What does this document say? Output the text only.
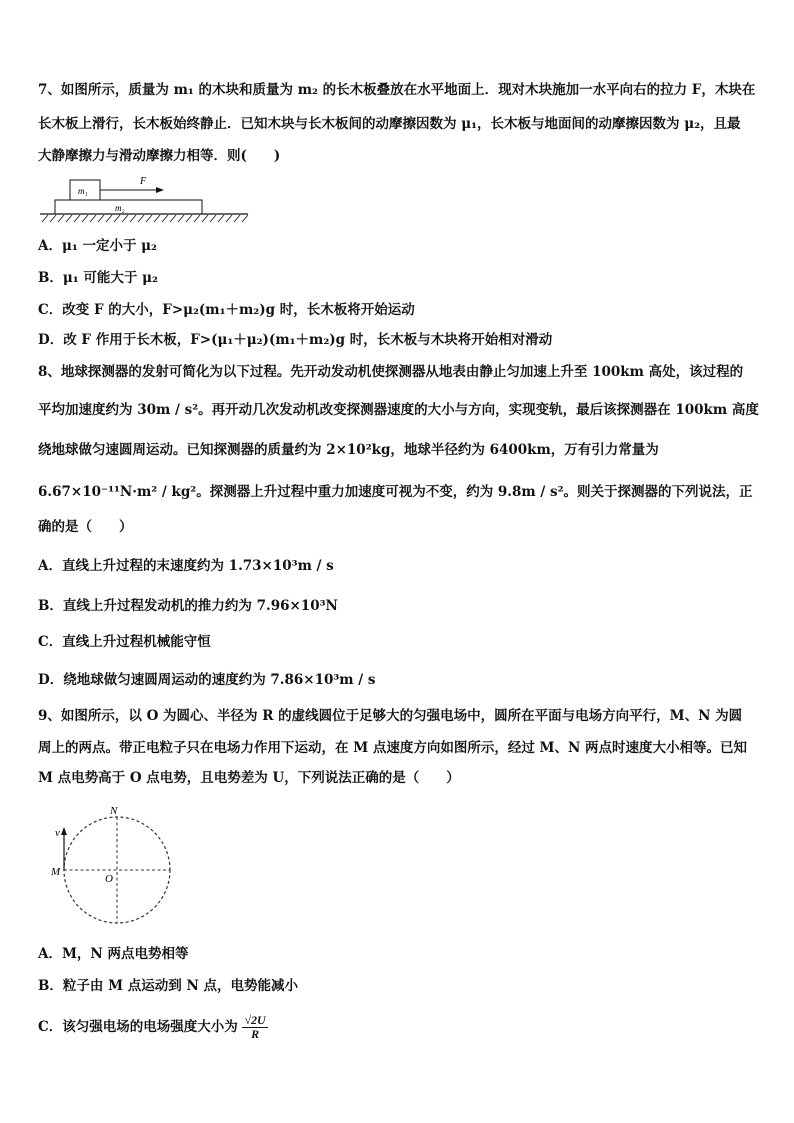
7、如图所示，质量为 m₁ 的木块和质量为 m₂ 的长木板叠放在水平地面上．现对木块施加一水平向右的拉力 F，木块在
长木板上滑行，长木板始终静止．已知木块与长木板间的动摩擦因数为 μ₁，长木板与地面间的动摩擦因数为 μ₂，且最
大静摩擦力与滑动摩擦力相等．则(　　)
m₁
F
m₂
A．μ₁ 一定小于 μ₂
B．μ₁ 可能大于 μ₂
C．改变 F 的大小，F>μ₂(m₁＋m₂)g 时，长木板将开始运动
D．改 F 作用于长木板，F>(μ₁＋μ₂)(m₁＋m₂)g 时，长木板与木块将开始相对滑动
8、地球探测器的发射可简化为以下过程。先开动发动机使探测器从地表由静止匀加速上升至 100km 高处，该过程的
平均加速度约为 30m / s²。再开动几次发动机改变探测器速度的大小与方向，实现变轨，最后该探测器在 100km 高度
绕地球做匀速圆周运动。已知探测器的质量约为 2×10²kg，地球半径约为 6400km，万有引力常量为
6.67×10⁻¹¹N·m² / kg²。探测器上升过程中重力加速度可视为不变，约为 9.8m / s²。则关于探测器的下列说法，正
确的是（　　）
A．直线上升过程的末速度约为 1.73×10³m / s
B．直线上升过程发动机的推力约为 7.96×10³N
C．直线上升过程机械能守恒
D．绕地球做匀速圆周运动的速度约为 7.86×10³m / s
9、如图所示，以 O 为圆心、半径为 R 的虚线圆位于足够大的匀强电场中，圆所在平面与电场方向平行，M、N 为圆
周上的两点。带正电粒子只在电场力作用下运动，在 M 点速度方向如图所示，经过 M、N 两点时速度大小相等。已知
M 点电势高于 O 点电势，且电势差为 U，下列说法正确的是（　　）
v
N
M
O
A．M，N 两点电势相等
B．粒子由 M 点运动到 N 点，电势能减小
C．该匀强电场的电场强度大小为 $\frac{√2U}{R}$
